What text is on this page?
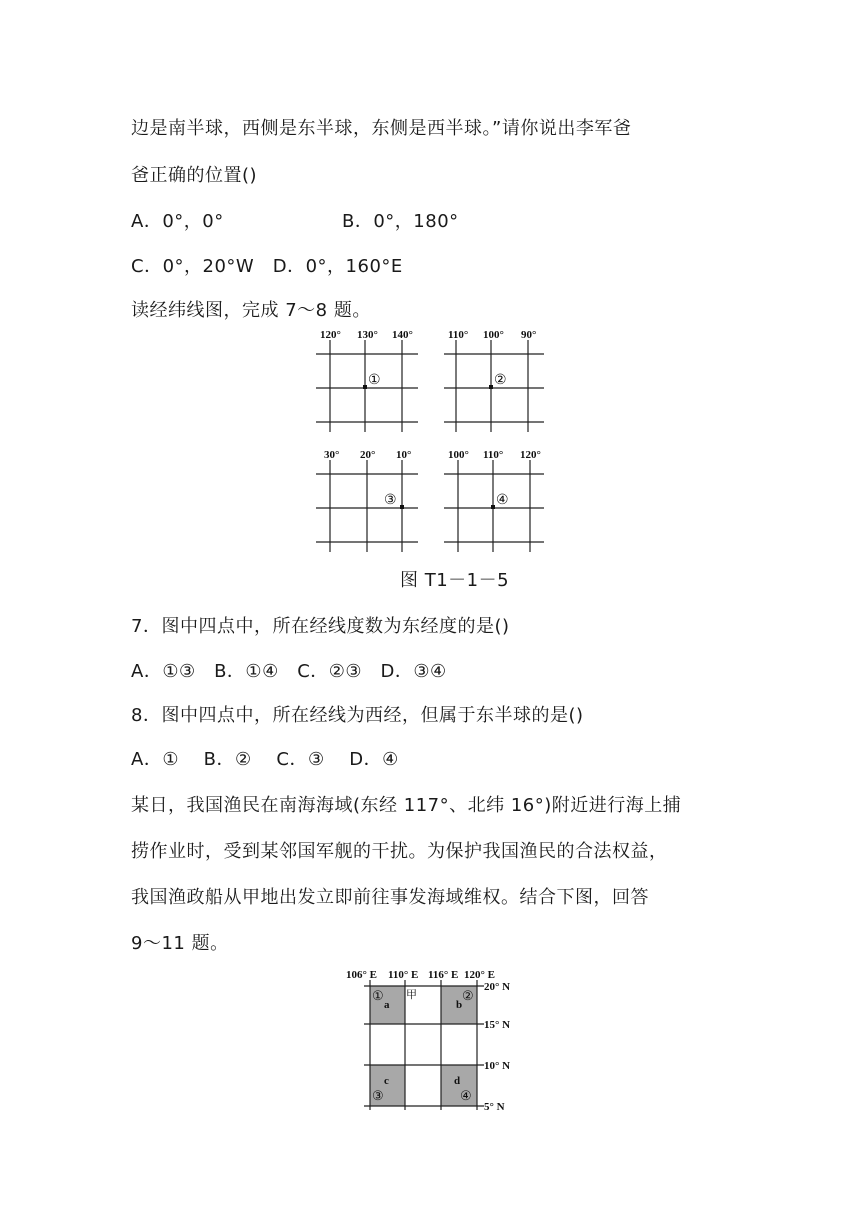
边是南半球，西侧是东半球，东侧是西半球。”请你说出李军爸
爸正确的位置()
A．0°，0°	B．0°，180°
C．0°，20°W　D．0°，160°E
读经纬线图，完成 7～8 题。
120° 130° 140°	110° 100° 90°
30° 20° 10°	100° 110° 120°
①	②
③	④
图 T1－1－5
7．图中四点中，所在经线度数为东经度的是()
A．①③　B．①④　C．②③　D．③④
8．图中四点中，所在经线为西经，但属于东半球的是()
A．①　 B．②　 C．③　 D．④
某日，我国渔民在南海海域(东经 117°、北纬 16°)附近进行海上捕
捞作业时，受到某邻国军舰的干扰。为保护我国渔民的合法权益，
我国渔政船从甲地出发立即前往事发海域维权。结合下图，回答
9～11 题。
106° E 110° E 116° E 120° E
20° N
15° N
10° N
5° N
①
a
甲	②
b
c
③
d
④
